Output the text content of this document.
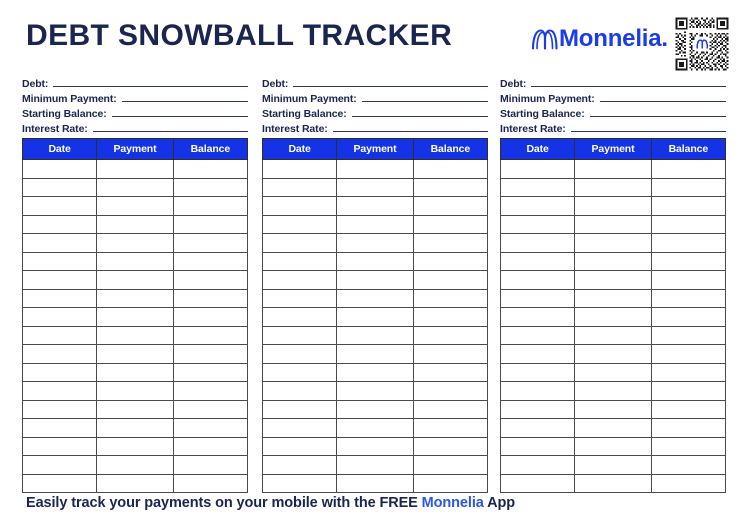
DEBT SNOWBALL TRACKER	Monnelia.
Debt:
Minimum Payment:
Starting Balance:
Interest Rate:
Date	Payment	Balance

Debt:
Minimum Payment:
Starting Balance:
Interest Rate:
Date	Payment	Balance

Debt:
Minimum Payment:
Starting Balance:
Interest Rate:
Date	Payment	Balance

Easily track your payments on your mobile with the FREE Monnelia App
